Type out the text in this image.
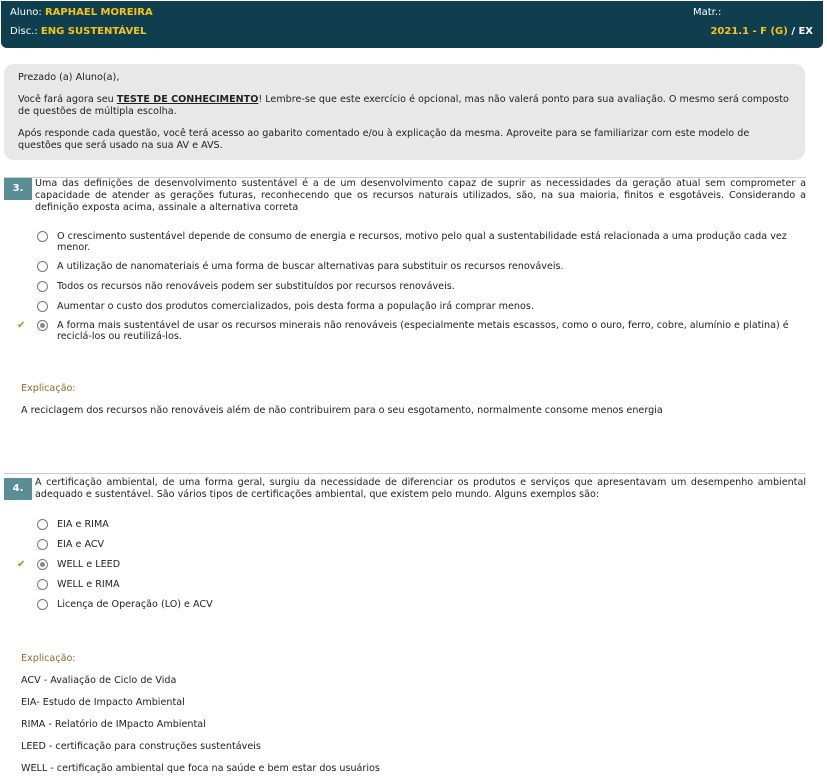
Aluno: RAPHAEL MOREIRA
Disc.: ENG SUSTENTÁVEL
Matr.:
2021.1 - F (G) / EX

Prezado (a) Aluno(a),

Você fará agora seu TESTE DE CONHECIMENTO! Lembre-se que este exercício é opcional, mas não valerá ponto para sua avaliação. O mesmo será composto de questões de múltipla escolha.

Após responde cada questão, você terá acesso ao gabarito comentado e/ou à explicação da mesma. Aproveite para se familiarizar com este modelo de questões que será usado na sua AV e AVS.

3.	Uma das definições de desenvolvimento sustentável é a de um desenvolvimento capaz de suprir as necessidades da geração atual sem comprometer a capacidade de atender as gerações futuras, reconhecendo que os recursos naturais utilizados, são, na sua maioria, finitos e esgotáveis. Considerando a definição exposta acima, assinale a alternativa correta
O crescimento sustentável depende de consumo de energia e recursos, motivo pelo qual a sustentabilidade está relacionada a uma produção cada vez menor.
A utilização de nanomateriais é uma forma de buscar alternativas para substituir os recursos renováveis.
Todos os recursos não renováveis podem ser substituídos por recursos renováveis.
Aumentar o custo dos produtos comercializados, pois desta forma a população irá comprar menos.
✔	A forma mais sustentável de usar os recursos minerais não renováveis (especialmente metais escassos, como o ouro, ferro, cobre, alumínio e platina) é reciclá-los ou reutilizá-los.
Explicação:
A reciclagem dos recursos não renováveis além de não contribuirem para o seu esgotamento, normalmente consome menos energia
4.
A certificação ambiental, de uma forma geral, surgiu da necessidade de diferenciar os produtos e serviços que apresentavam um desempenho ambiental adequado e sustentável. São vários tipos de certificações ambiental, que existem pelo mundo. Alguns exemplos são:
EIA e RIMA
EIA e ACV
✔	WELL e LEED
WELL e RIMA
Licença de Operação (LO) e ACV
Explicação:
ACV - Avaliação de Ciclo de Vida
EIA- Estudo de Impacto Ambiental
RIMA - Relatório de IMpacto Ambiental
LEED - certificação para construções sustentáveis
WELL - certificação ambiental que foca na saúde e bem estar dos usuários
